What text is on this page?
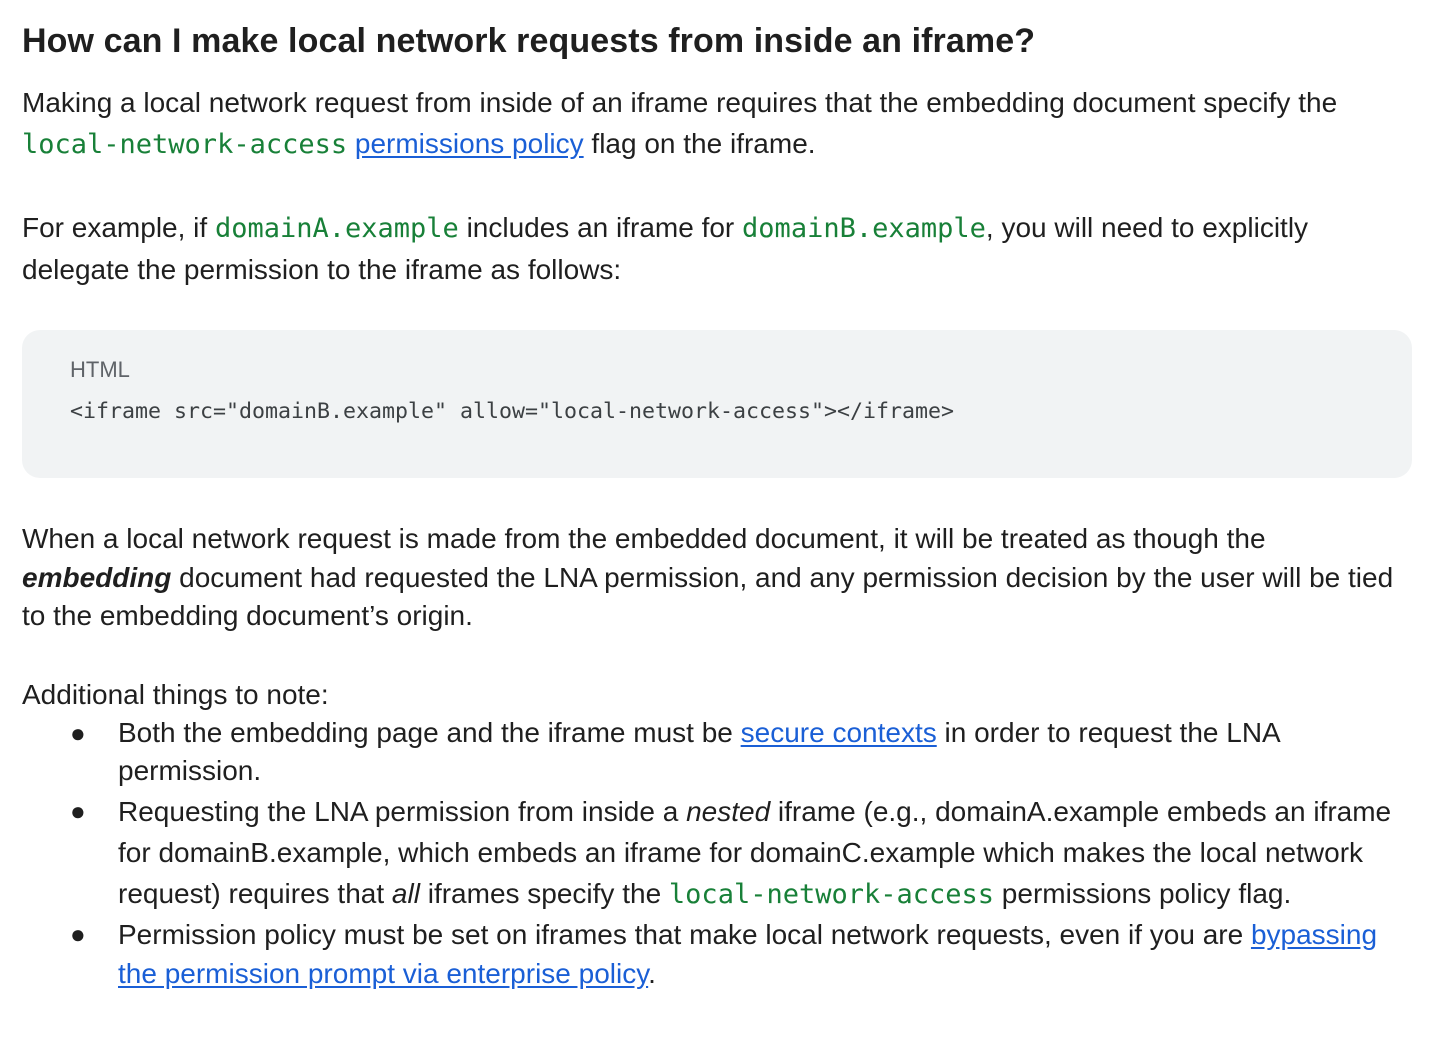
How can I make local network requests from inside an iframe?

Making a local network request from inside of an iframe requires that the embedding document specify the local-network-access permissions policy flag on the iframe.

For example, if domainA.example includes an iframe for domainB.example, you will need to explicitly delegate the permission to the iframe as follows:

HTML
<iframe src="domainB.example" allow="local-network-access"></iframe>

When a local network request is made from the embedded document, it will be treated as though the embedding document had requested the LNA permission, and any permission decision by the user will be tied to the embedding document’s origin.

Additional things to note:

● Both the embedding page and the iframe must be secure contexts in order to request the LNA permission.
● Requesting the LNA permission from inside a nested iframe (e.g., domainA.example embeds an iframe for domainB.example, which embeds an iframe for domainC.example which makes the local network request) requires that all iframes specify the local-network-access permissions policy flag.
● Permission policy must be set on iframes that make local network requests, even if you are bypassing the permission prompt via enterprise policy.
